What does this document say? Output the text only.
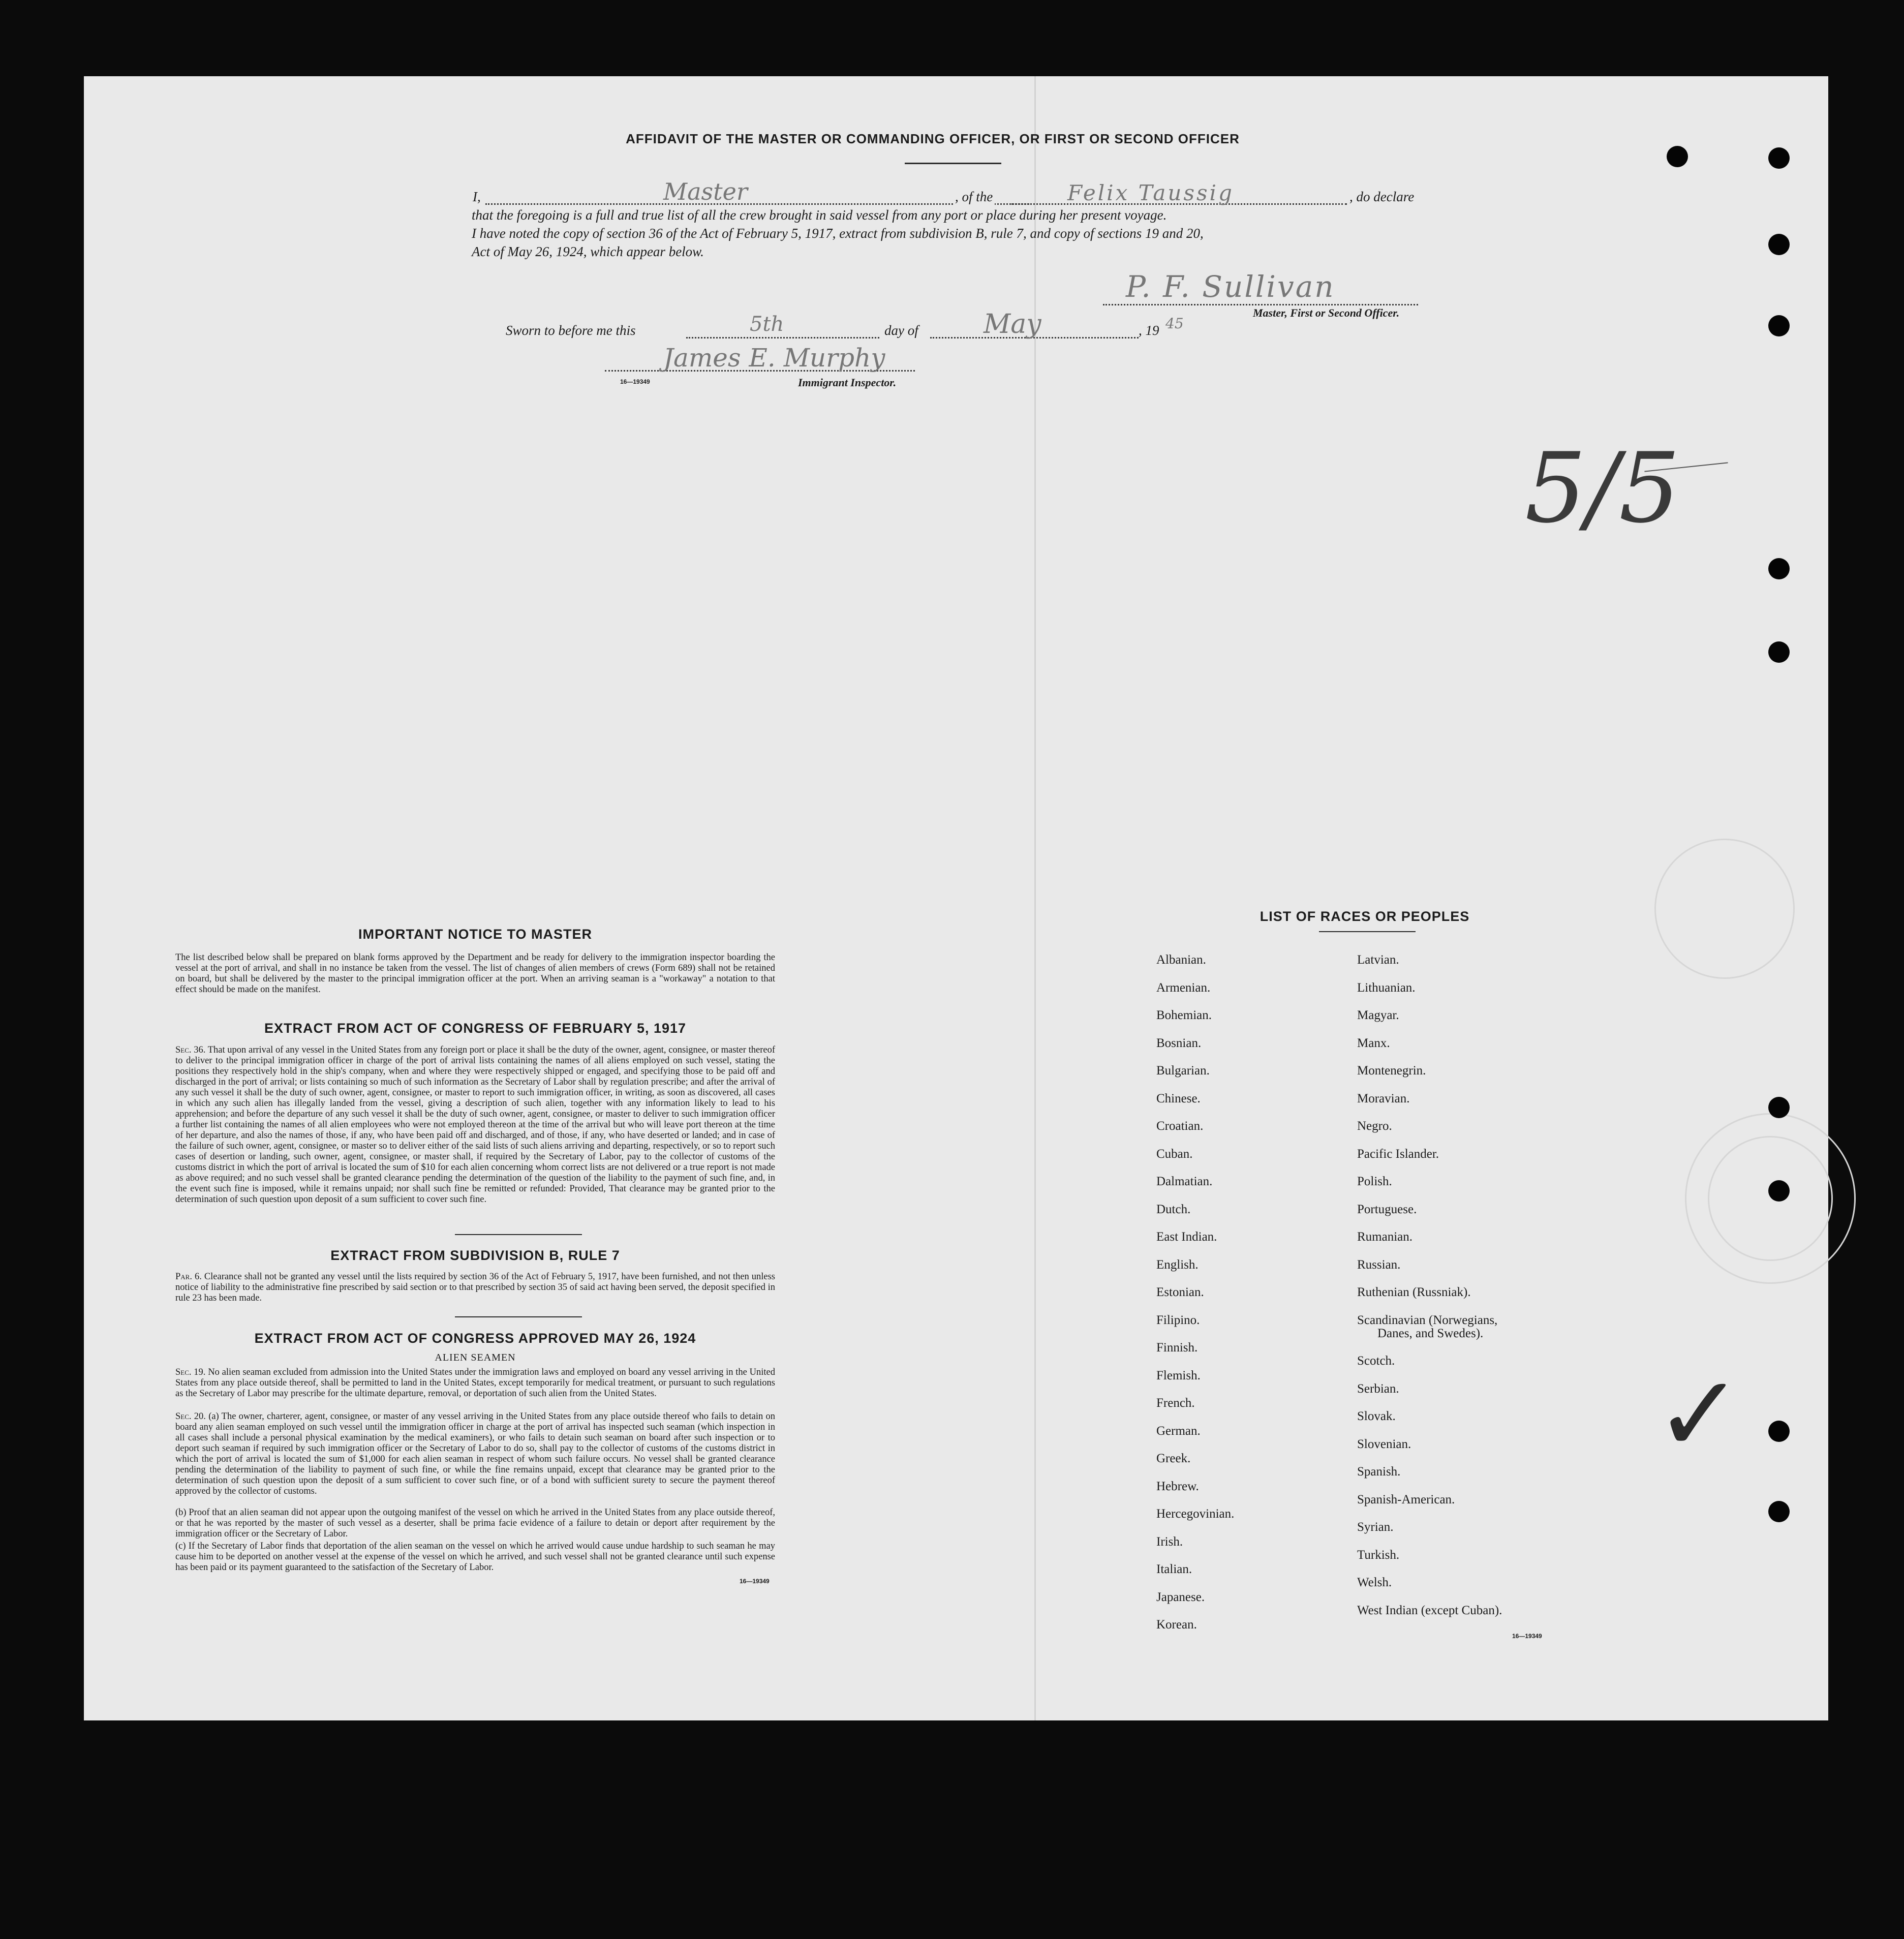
AFFIDAVIT OF THE MASTER OR COMMANDING OFFICER, OR FIRST OR SECOND OFFICER
I,	Master	, of the	Felix Taussig	, do declare
that the foregoing is a full and true list of all the crew brought in said vessel from any port or place during her present voyage.
I have noted the copy of section 36 of the Act of February 5, 1917, extract from subdivision B, rule 7, and copy of sections 19 and 20,
Act of May 26, 1924, which appear below.
P. F. Sullivan
Master, First or Second Officer.
Sworn to before me this	5th	day of May	, 19 45
James E. Murphy
Immigrant Inspector.
16—19349
5/5
✓
IMPORTANT NOTICE TO MASTER
The list described below shall be prepared on blank forms approved by the Department and be ready for delivery to the immigration inspector boarding the vessel at the port of arrival, and shall in no instance be taken from the vessel. The list of changes of alien members of crews (Form 689) shall not be retained on board, but shall be delivered by the master to the principal immigration officer at the port. When an arriving seaman is a "workaway" a notation to that effect should be made on the manifest.
EXTRACT FROM ACT OF CONGRESS OF FEBRUARY 5, 1917
Sec. 36. That upon arrival of any vessel in the United States from any foreign port or place it shall be the duty of the owner, agent, consignee, or master thereof to deliver to the principal immigration officer in charge of the port of arrival lists containing the names of all aliens employed on such vessel, stating the positions they respectively hold in the ship's company, when and where they were respectively shipped or engaged, and specifying those to be paid off and discharged in the port of arrival; or lists containing so much of such information as the Secretary of Labor shall by regulation prescribe; and after the arrival of any such vessel it shall be the duty of such owner, agent, consignee, or master to report to such immigration officer, in writing, as soon as discovered, all cases in which any such alien has illegally landed from the vessel, giving a description of such alien, together with any information likely to lead to his apprehension; and before the departure of any such vessel it shall be the duty of such owner, agent, consignee, or master to deliver to such immigration officer a further list containing the names of all alien employees who were not employed thereon at the time of the arrival but who will leave port thereon at the time of her departure, and also the names of those, if any, who have been paid off and discharged, and of those, if any, who have deserted or landed; and in case of the failure of such owner, agent, consignee, or master so to deliver either of the said lists of such aliens arriving and departing, respectively, or so to report such cases of desertion or landing, such owner, agent, consignee, or master shall, if required by the Secretary of Labor, pay to the collector of customs of the customs district in which the port of arrival is located the sum of $10 for each alien concerning whom correct lists are not delivered or a true report is not made as above required; and no such vessel shall be granted clearance pending the determination of the question of the liability to the payment of such fine, and, in the event such fine is imposed, while it remains unpaid; nor shall such fine be remitted or refunded: Provided, That clearance may be granted prior to the determination of such question upon deposit of a sum sufficient to cover such fine.
EXTRACT FROM SUBDIVISION B, RULE 7
Par. 6. Clearance shall not be granted any vessel until the lists required by section 36 of the Act of February 5, 1917, have been furnished, and not then unless notice of liability to the administrative fine prescribed by said section or to that prescribed by section 35 of said act having been served, the deposit specified in rule 23 has been made.
EXTRACT FROM ACT OF CONGRESS APPROVED MAY 26, 1924
ALIEN SEAMEN
Sec. 19. No alien seaman excluded from admission into the United States under the immigration laws and employed on board any vessel arriving in the United States from any place outside thereof, shall be permitted to land in the United States, except temporarily for medical treatment, or pursuant to such regulations as the Secretary of Labor may prescribe for the ultimate departure, removal, or deportation of such alien from the United States.
Sec. 20. (a) The owner, charterer, agent, consignee, or master of any vessel arriving in the United States from any place outside thereof who fails to detain on board any alien seaman employed on such vessel until the immigration officer in charge at the port of arrival has inspected such seaman (which inspection in all cases shall include a personal physical examination by the medical examiners), or who fails to detain such seaman on board after such inspection or to deport such seaman if required by such immigration officer or the Secretary of Labor to do so, shall pay to the collector of customs of the customs district in which the port of arrival is located the sum of $1,000 for each alien seaman in respect of whom such failure occurs. No vessel shall be granted clearance pending the determination of the liability to payment of such fine, or while the fine remains unpaid, except that clearance may be granted prior to the determination of such question upon the deposit of a sum sufficient to cover such fine, or of a bond with sufficient surety to secure the payment thereof approved by the collector of customs.
(b) Proof that an alien seaman did not appear upon the outgoing manifest of the vessel on which he arrived in the United States from any place outside thereof, or that he was reported by the master of such vessel as a deserter, shall be prima facie evidence of a failure to detain or deport after requirement by the immigration officer or the Secretary of Labor.
(c) If the Secretary of Labor finds that deportation of the alien seaman on the vessel on which he arrived would cause undue hardship to such seaman he may cause him to be deported on another vessel at the expense of the vessel on which he arrived, and such vessel shall not be granted clearance until such expense has been paid or its payment guaranteed to the satisfaction of the Secretary of Labor.
16—19349
LIST OF RACES OR PEOPLES
16—19349
Albanian.
Armenian.
Bohemian.
Bosnian.
Bulgarian.
Chinese.
Croatian.
Cuban.
Dalmatian.
Dutch.
East Indian.
English.
Estonian.
Filipino.
Finnish.
Flemish.
French.
German.
Greek.
Hebrew.
Hercegovinian.
Irish.
Italian.
Japanese.
Korean.
Latvian.
Lithuanian.
Magyar.
Manx.
Montenegrin.
Moravian.
Negro.
Pacific Islander.
Polish.
Portuguese.
Rumanian.
Russian.
Ruthenian (Russniak).
Scandinavian (Norwegians,
Danes, and Swedes).
Scotch.
Serbian.
Slovak.
Slovenian.
Spanish.
Spanish-American.
Syrian.
Turkish.
Welsh.
West Indian (except Cuban).
